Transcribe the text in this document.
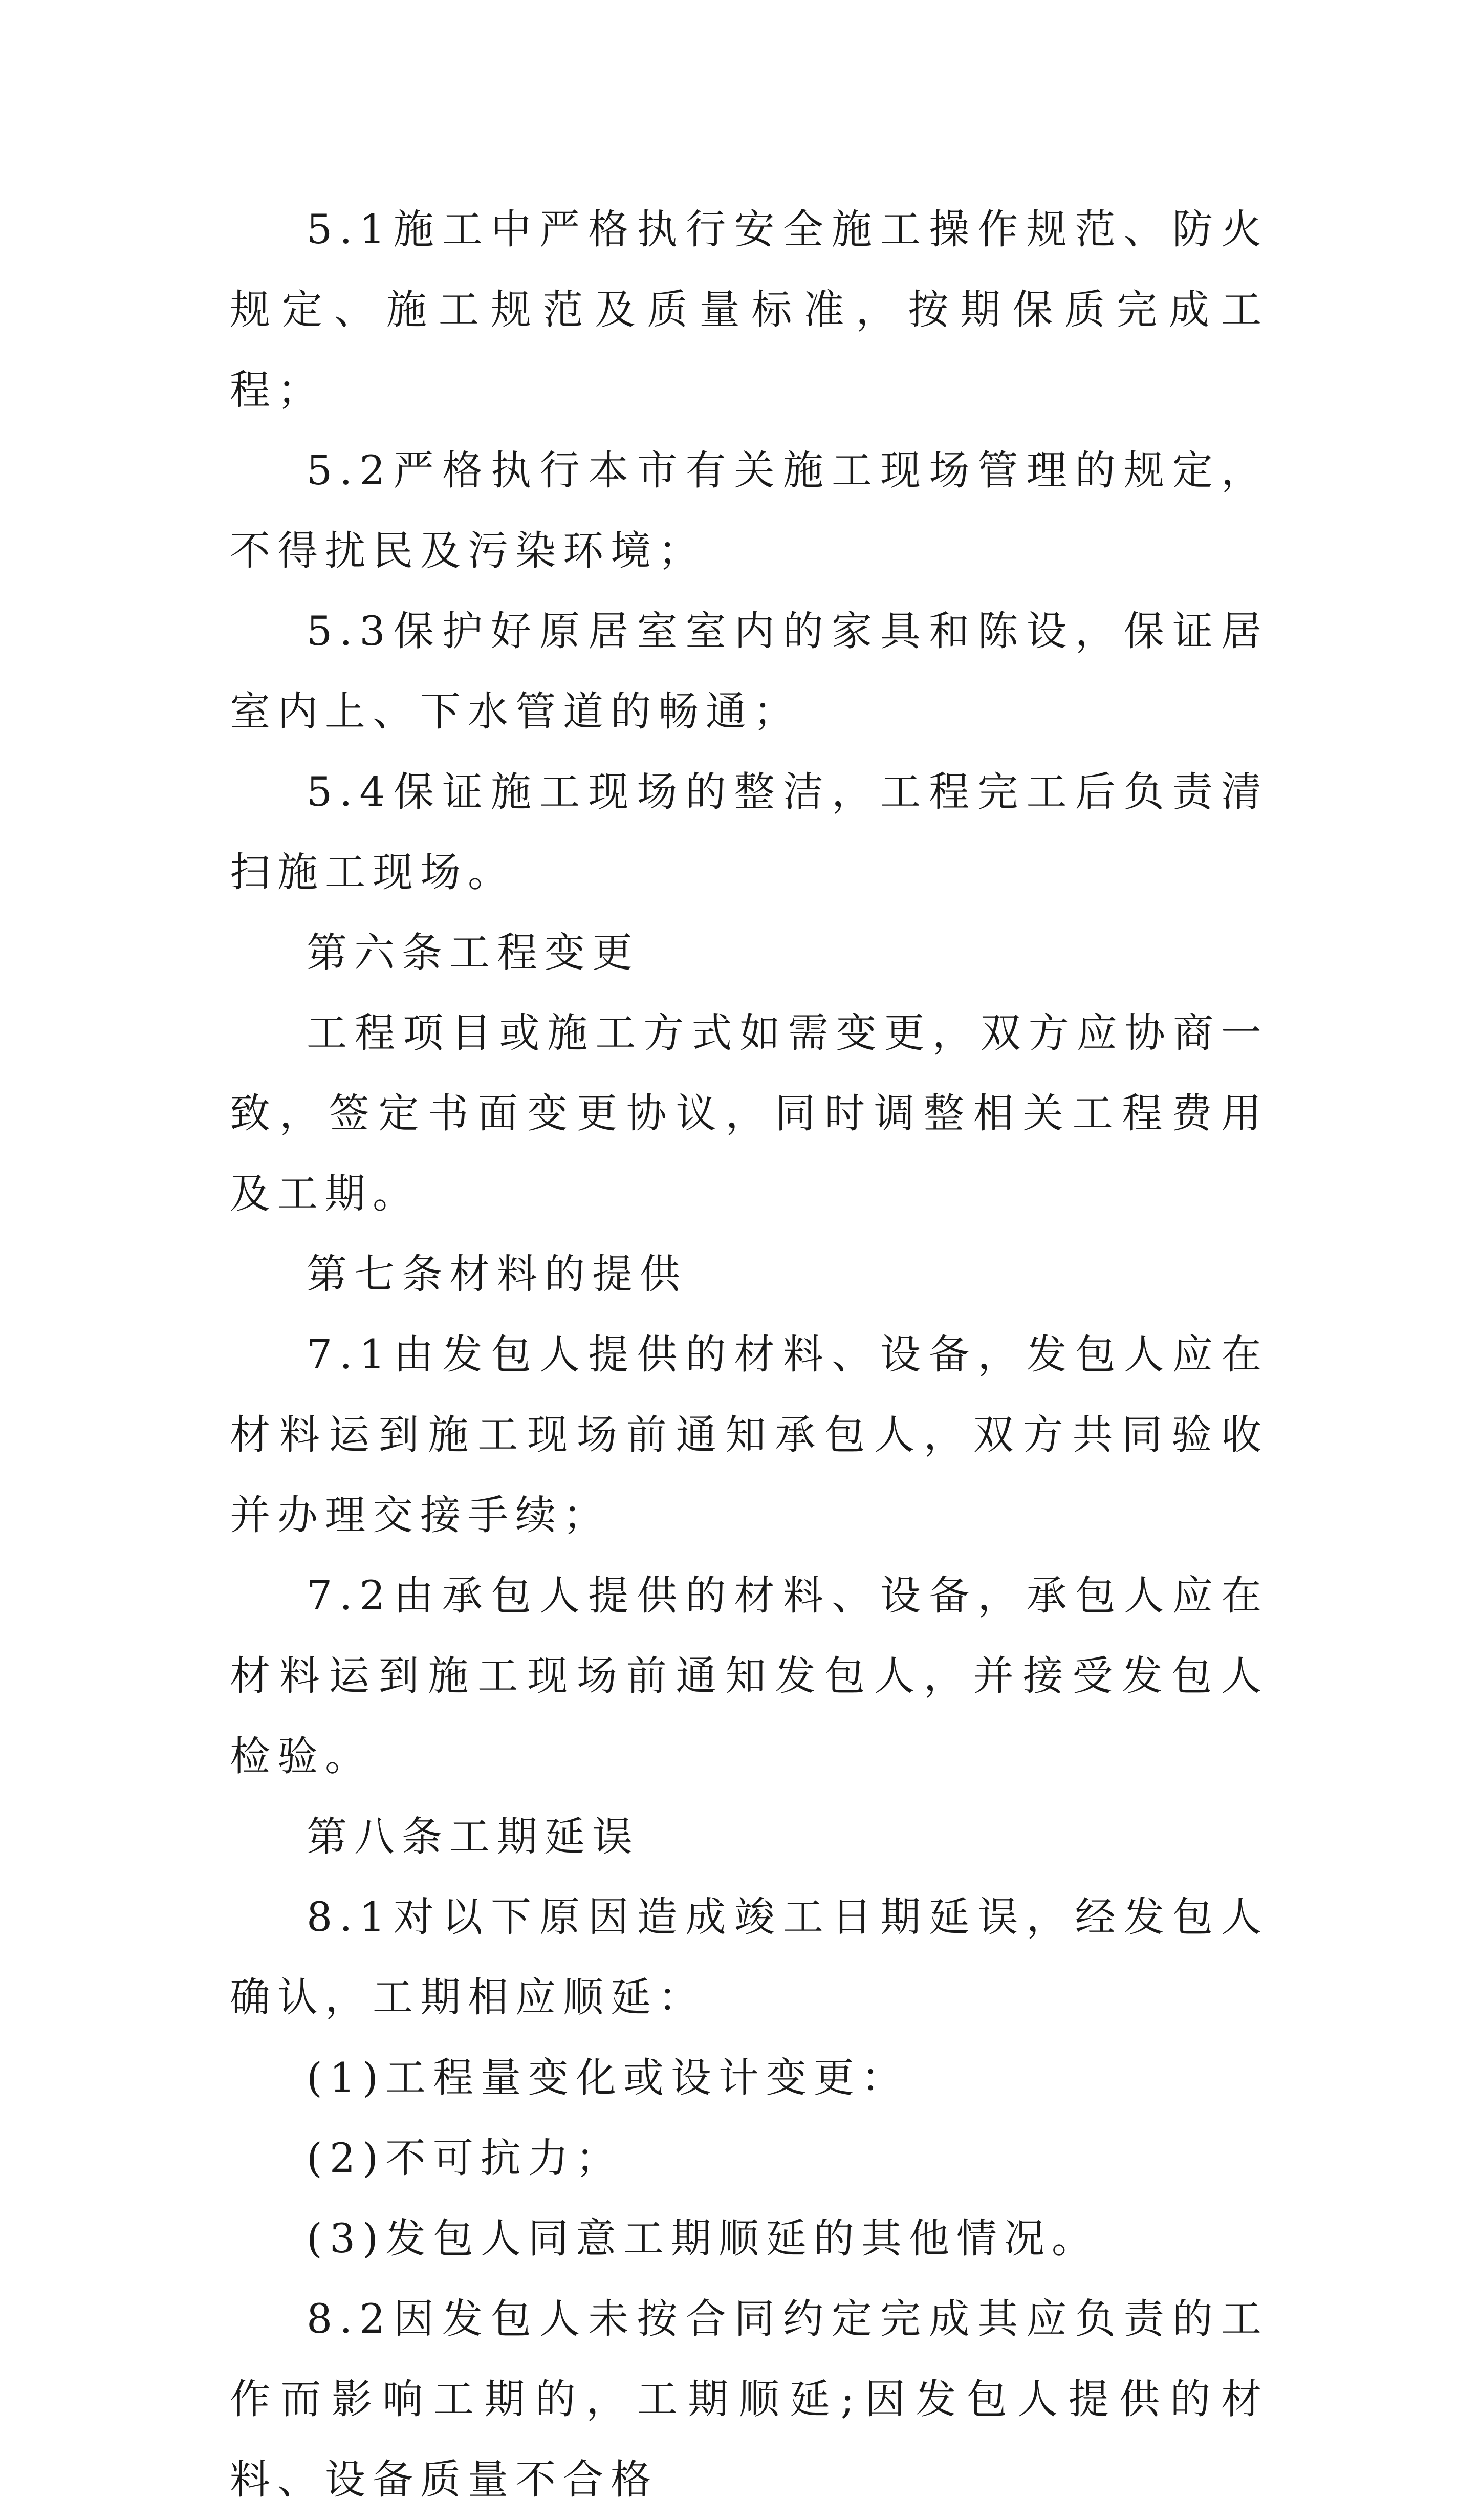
5.1施工中严格执行安全施工操作规范、防火规定、施工规范及质量标准，按期保质完成工程；

5.2严格执行本市有关施工现场管理的规定，不得扰民及污染环境；

5.3保护好原居室室内的家具和陈设，保证居室内上、下水管道的畅通；

5.4保证施工现场的整洁，工程完工后负责清扫施工现场。

第六条工程变更

工程项目或施工方式如需变更，双方应协商一致，签定书面变更协议，同时调整相关工程费用及工期。

第七条材料的提供

7.1由发包人提供的材料、设备，发包人应在材料运到施工现场前通知承包人，双方共同验收并办理交接手续；

7.2由承包人提供的材料、设备，承包人应在材料运到施工现场前通知发包人，并接受发包人检验。

第八条工期延误

8.1对以下原因造成竣工日期延误，经发包人确认，工期相应顺延：

(1)工程量变化或设计变更：

(2)不可抗力；

(3)发包人同意工期顺延的其他情况。

8.2因发包人未按合同约定完成其应负责的工作而影响工期的，工期顺延;因发包人提供的材料、设备质量不合格
